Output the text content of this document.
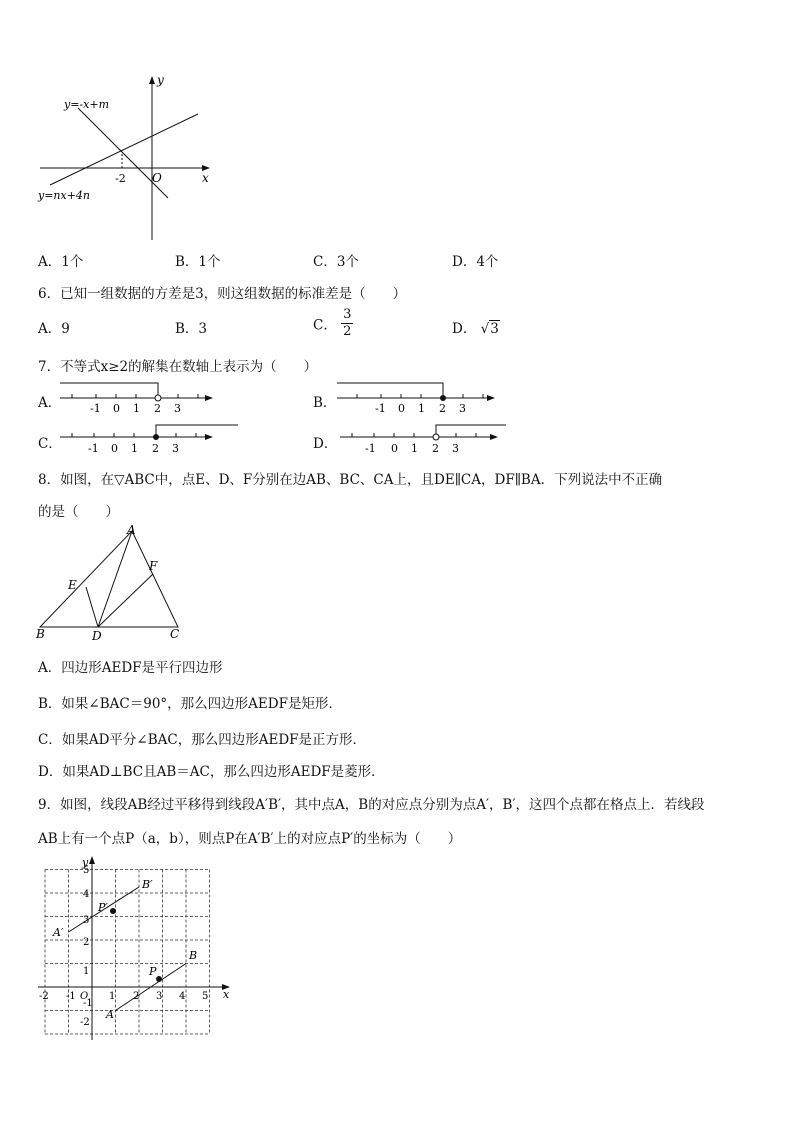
y
x
O
-2
y=-x+m
y=nx+4n
A．1个	B．1个	C．3个	D．4个
6．已知一组数据的方差是3，则这组数据的标准差是（　　）
A．9	B．3	C． $\frac{3}{2}$	D． √3
7．不等式x≥2的解集在数轴上表示为（　　）
A．	-1 0 1 2 3	B．	-1 0 1 2 3
C． -1 0 1 2 3	D．	-1 0 1 2 3
8．如图，在▽ABC中，点E、D、F分别在边AB、BC、CA上，且DE∥CA，DF∥BA．下列说法中不正确
的是（　　）
A
E
F
B	D	C
A．四边形AEDF是平行四边形
B．如果∠BAC＝90°，那么四边形AEDF是矩形．
C．如果AD平分∠BAC，那么四边形AEDF是正方形．
D．如果AD⊥BC且AB＝AC，那么四边形AEDF是菱形．
9．如图，线段AB经过平移得到线段A′B′，其中点A，B的对应点分别为点A′，B′，这四个点都在格点上．若线段
AB上有一个点P（a，b），则点P在A′B′上的对应点P′的坐标为（　　）
x
y
O
-2 -1	1 2 3 4 5
5
4
3
2
1
-1
-2
B′
P′
A′
P
B
A
